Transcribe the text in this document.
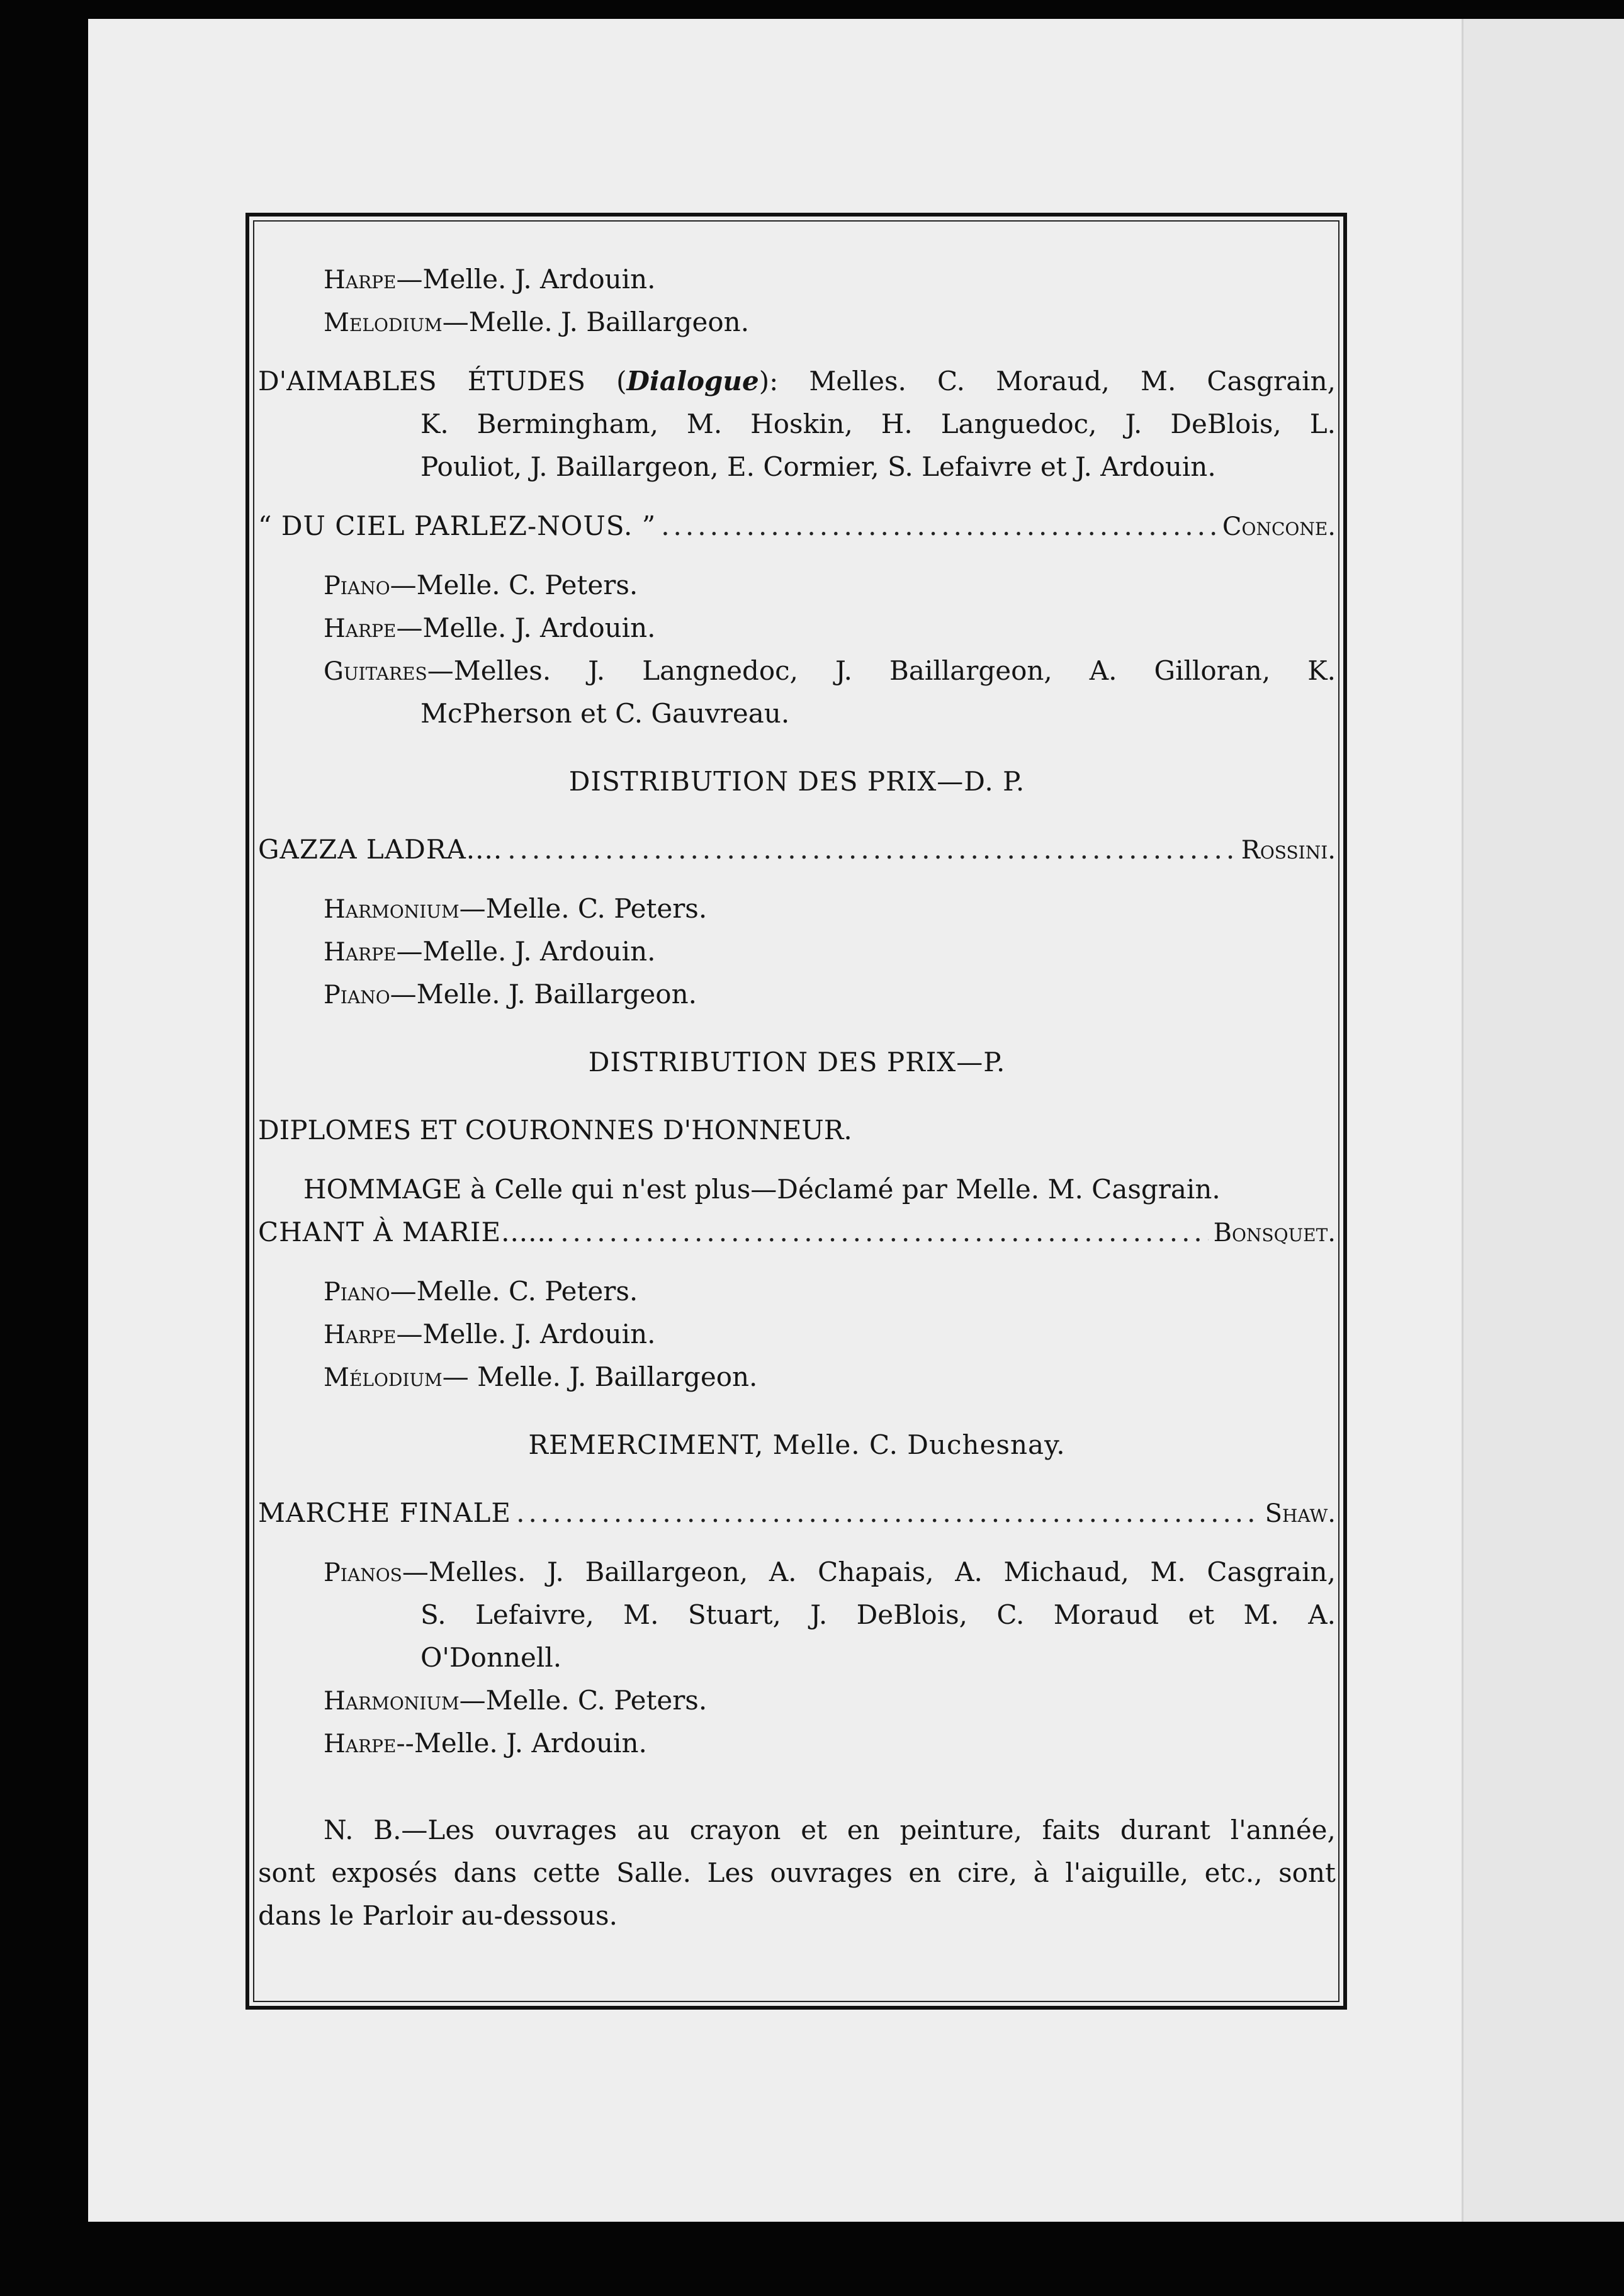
Harpe—Melle. J. Ardouin.
Melodium—Melle. J. Baillargeon.
D'AIMABLES ÉTUDES (Dialogue): Melles. C. Moraud, M. Casgrain,
K. Bermingham, M. Hoskin, H. Languedoc, J. DeBlois, L.
Pouliot, J. Baillargeon, E. Cormier, S. Lefaivre et J. Ardouin.
“ DU CIEL PARLEZ-NOUS. ” .....	Concone.
Piano—Melle. C. Peters.
Harpe—Melle. J. Ardouin.
Guitares—Melles. J. Langnedoc, J. Baillargeon, A. Gilloran, K.
McPherson et C. Gauvreau.
DISTRIBUTION DES PRIX—D. P.
GAZZA LADRA.... .....	Rossini.
Harmonium—Melle. C. Peters.
Harpe—Melle. J. Ardouin.
Piano—Melle. J. Baillargeon.
DISTRIBUTION DES PRIX—P.
DIPLOMES ET COURONNES D'HONNEUR.
HOMMAGE à Celle qui n'est plus—Déclamé par Melle. M. Casgrain.
CHANT À MARIE...... .....	Bonsquet.
Piano—Melle. C. Peters.
Harpe—Melle. J. Ardouin.
Mélodium— Melle. J. Baillargeon.
REMERCIMENT, Melle. C. Duchesnay.
MARCHE FINALE .....	Shaw.
Pianos—Melles. J. Baillargeon, A. Chapais, A. Michaud, M. Casgrain,
S. Lefaivre, M. Stuart, J. DeBlois, C. Moraud et M. A.
O'Donnell.
Harmonium—Melle. C. Peters.
Harpe--Melle. J. Ardouin.
N. B.—Les ouvrages au crayon et en peinture, faits durant l'année,
sont exposés dans cette Salle. Les ouvrages en cire, à l'aiguille, etc., sont
dans le Parloir au-dessous.
